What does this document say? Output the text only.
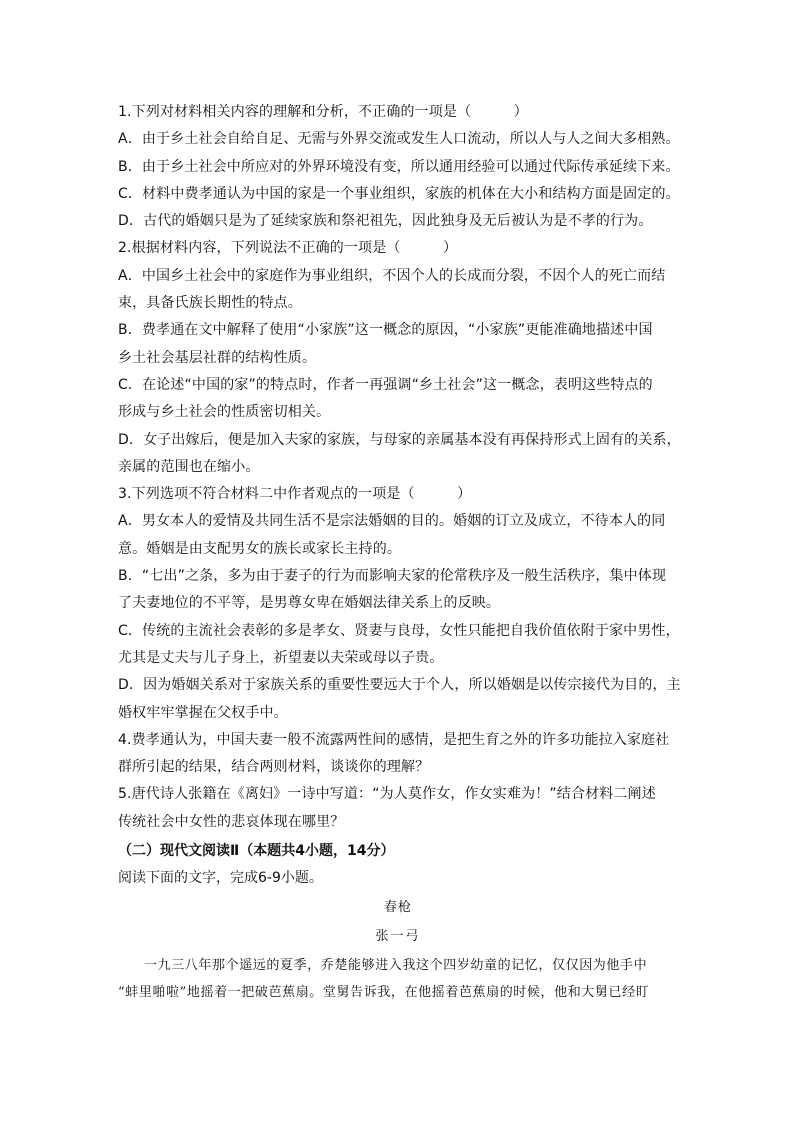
1.下列对材料相关内容的理解和分析，不正确的一项是（　　　）
A．由于乡土社会自给自足、无需与外界交流或发生人口流动，所以人与人之间大多相熟。
B．由于乡土社会中所应对的外界环境没有变，所以通用经验可以通过代际传承延续下来。
C．材料中费孝通认为中国的家是一个事业组织，家族的机体在大小和结构方面是固定的。
D．古代的婚姻只是为了延续家族和祭祀祖先，因此独身及无后被认为是不孝的行为。
2.根据材料内容，下列说法不正确的一项是（　　　）
A．中国乡土社会中的家庭作为事业组织，不因个人的长成而分裂，不因个人的死亡而结
束，具备氏族长期性的特点。
B．费孝通在文中解释了使用“小家族”这一概念的原因，“小家族”更能准确地描述中国
乡土社会基层社群的结构性质。
C．在论述“中国的家”的特点时，作者一再强调“乡土社会”这一概念，表明这些特点的
形成与乡土社会的性质密切相关。
D．女子出嫁后，便是加入夫家的家族，与母家的亲属基本没有再保持形式上固有的关系，
亲属的范围也在缩小。
3.下列选项不符合材料二中作者观点的一项是（　　　）
A．男女本人的爱情及共同生活不是宗法婚姻的目的。婚姻的订立及成立，不待本人的同
意。婚姻是由支配男女的族长或家长主持的。
B．“七出”之条，多为由于妻子的行为而影响夫家的伦常秩序及一般生活秩序，集中体现
了夫妻地位的不平等，是男尊女卑在婚姻法律关系上的反映。
C．传统的主流社会表彰的多是孝女、贤妻与良母，女性只能把自我价值依附于家中男性，
尤其是丈夫与儿子身上，祈望妻以夫荣或母以子贵。
D．因为婚姻关系对于家族关系的重要性要远大于个人，所以婚姻是以传宗接代为目的，主
婚权牢牢掌握在父权手中。
4.费孝通认为，中国夫妻一般不流露两性间的感情，是把生育之外的许多功能拉入家庭社
群所引起的结果，结合两则材料，谈谈你的理解？
5.唐代诗人张籍在《离妇》一诗中写道：“为人莫作女，作女实难为！”结合材料二阐述
传统社会中女性的悲哀体现在哪里？
（二）现代文阅读Ⅱ（本题共4小题，14分）
阅读下面的文字，完成6-9小题。
春枪
张一弓
一九三八年那个遥远的夏季，乔楚能够进入我这个四岁幼童的记忆，仅仅因为他手中
“蚌里啪啦”地摇着一把破芭蕉扇。堂舅告诉我，在他摇着芭蕉扇的时候，他和大舅已经盯
